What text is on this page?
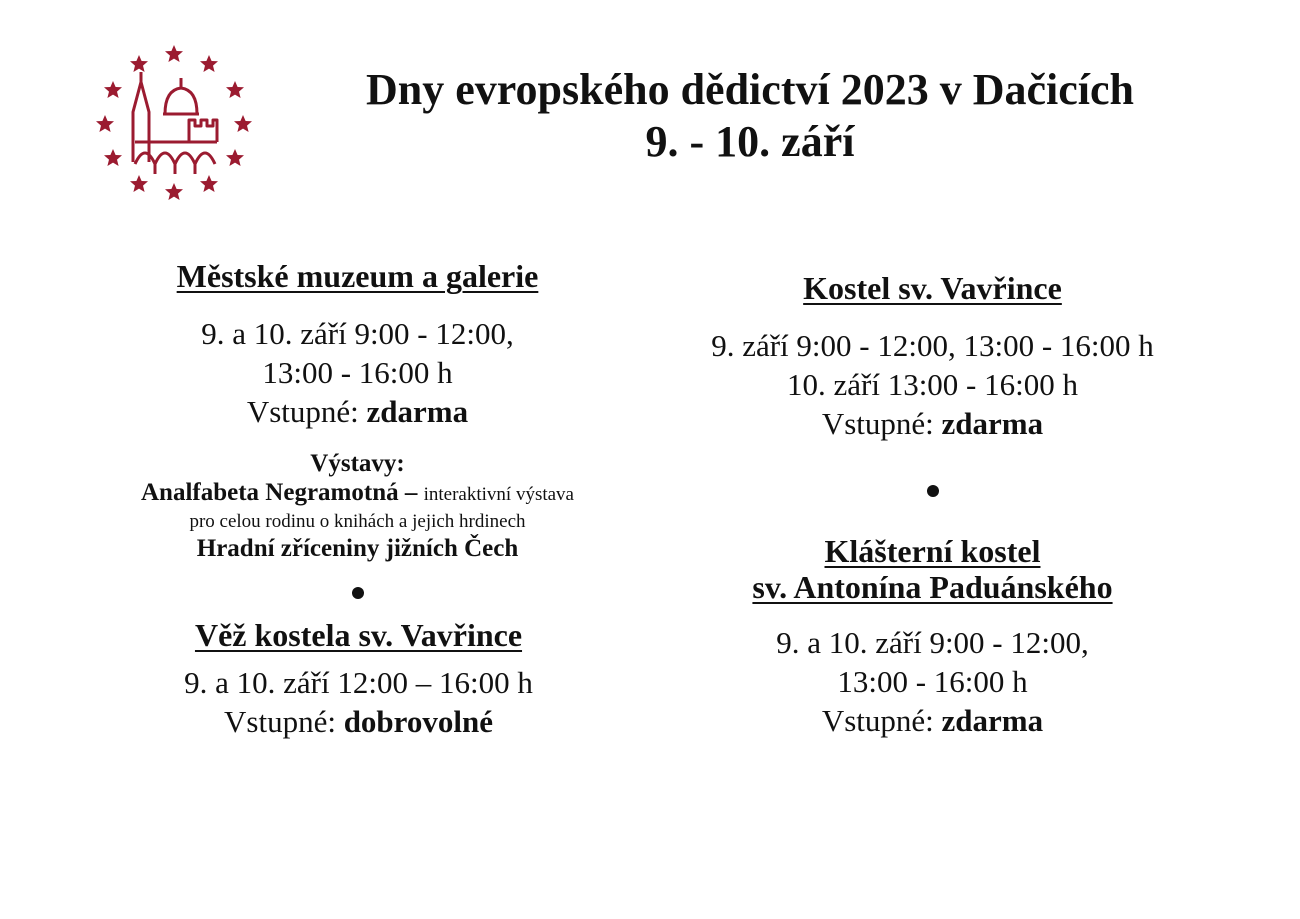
Dny evropského dědictví 2023 v Dačicích
9. - 10. září
Městské muzeum a galerie
9. a 10. září 9:00 - 12:00,
13:00 - 16:00 h
Vstupné: zdarma
Výstavy:
Analfabeta Negramotná – interaktivní výstava
pro celou rodinu o knihách a jejich hrdinech
Hradní zříceniny jižních Čech
Věž kostela sv. Vavřince
9. a 10. září 12:00 – 16:00 h
Vstupné: dobrovolné
Kostel sv. Vavřince
9. září 9:00 - 12:00, 13:00 - 16:00 h
10. září 13:00 - 16:00 h
Vstupné: zdarma
Klášterní kostel
sv. Antonína Paduánského
9. a 10. září 9:00 - 12:00,
13:00 - 16:00 h
Vstupné: zdarma
